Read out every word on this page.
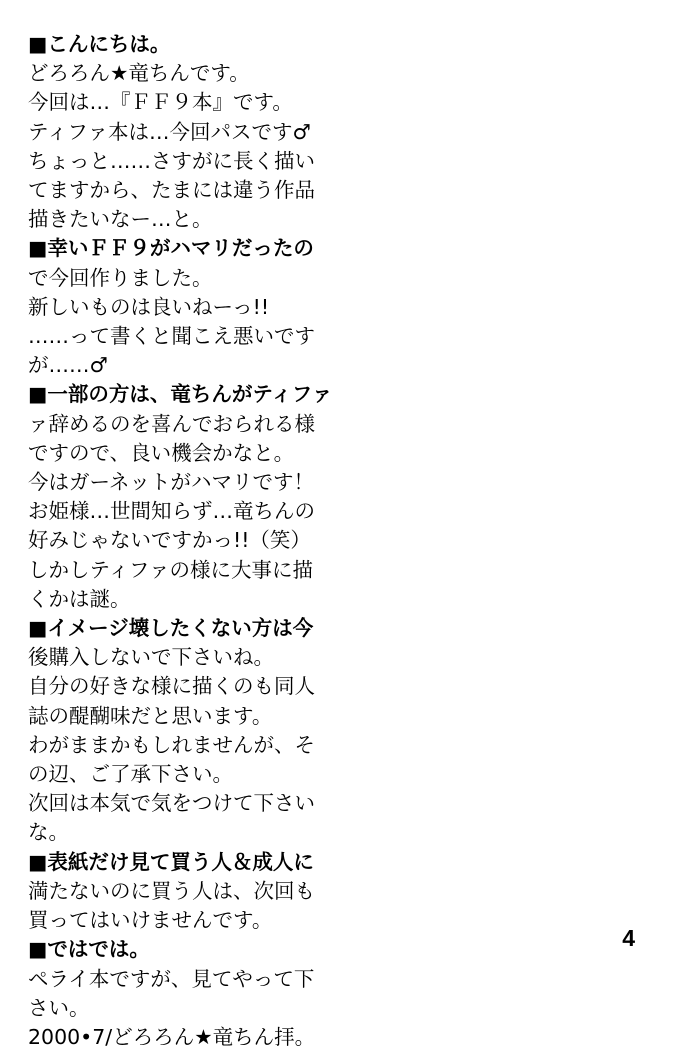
■こんにちは。
どろろん★竜ちんです。
今回は…『ＦＦ９本』です。
ティファ本は…今回パスです♂
ちょっと……さすがに長く描い
てますから、たまには違う作品
描きたいなー…と。
■幸いＦＦ９がハマリだったの
で今回作りました。
新しいものは良いねーっ!!
……って書くと聞こえ悪いです
が……♂
■一部の方は、竜ちんがティファ
ァ辞めるのを喜んでおられる様
ですので、良い機会かなと。
今はガーネットがハマリです！
お姫様…世間知らず…竜ちんの
好みじゃないですかっ!!（笑）
しかしティファの様に大事に描
くかは謎。
■イメージ壊したくない方は今
後購入しないで下さいね。
自分の好きな様に描くのも同人
誌の醍醐味だと思います。
わがままかもしれませんが、そ
の辺、ご了承下さい。
次回は本気で気をつけて下さい
な。
■表紙だけ見て買う人＆成人に
満たないのに買う人は、次回も
買ってはいけませんです。
■ではでは。
ペライ本ですが、見てやって下
さい。
2000•7/どろろん★竜ちん拝。
4
